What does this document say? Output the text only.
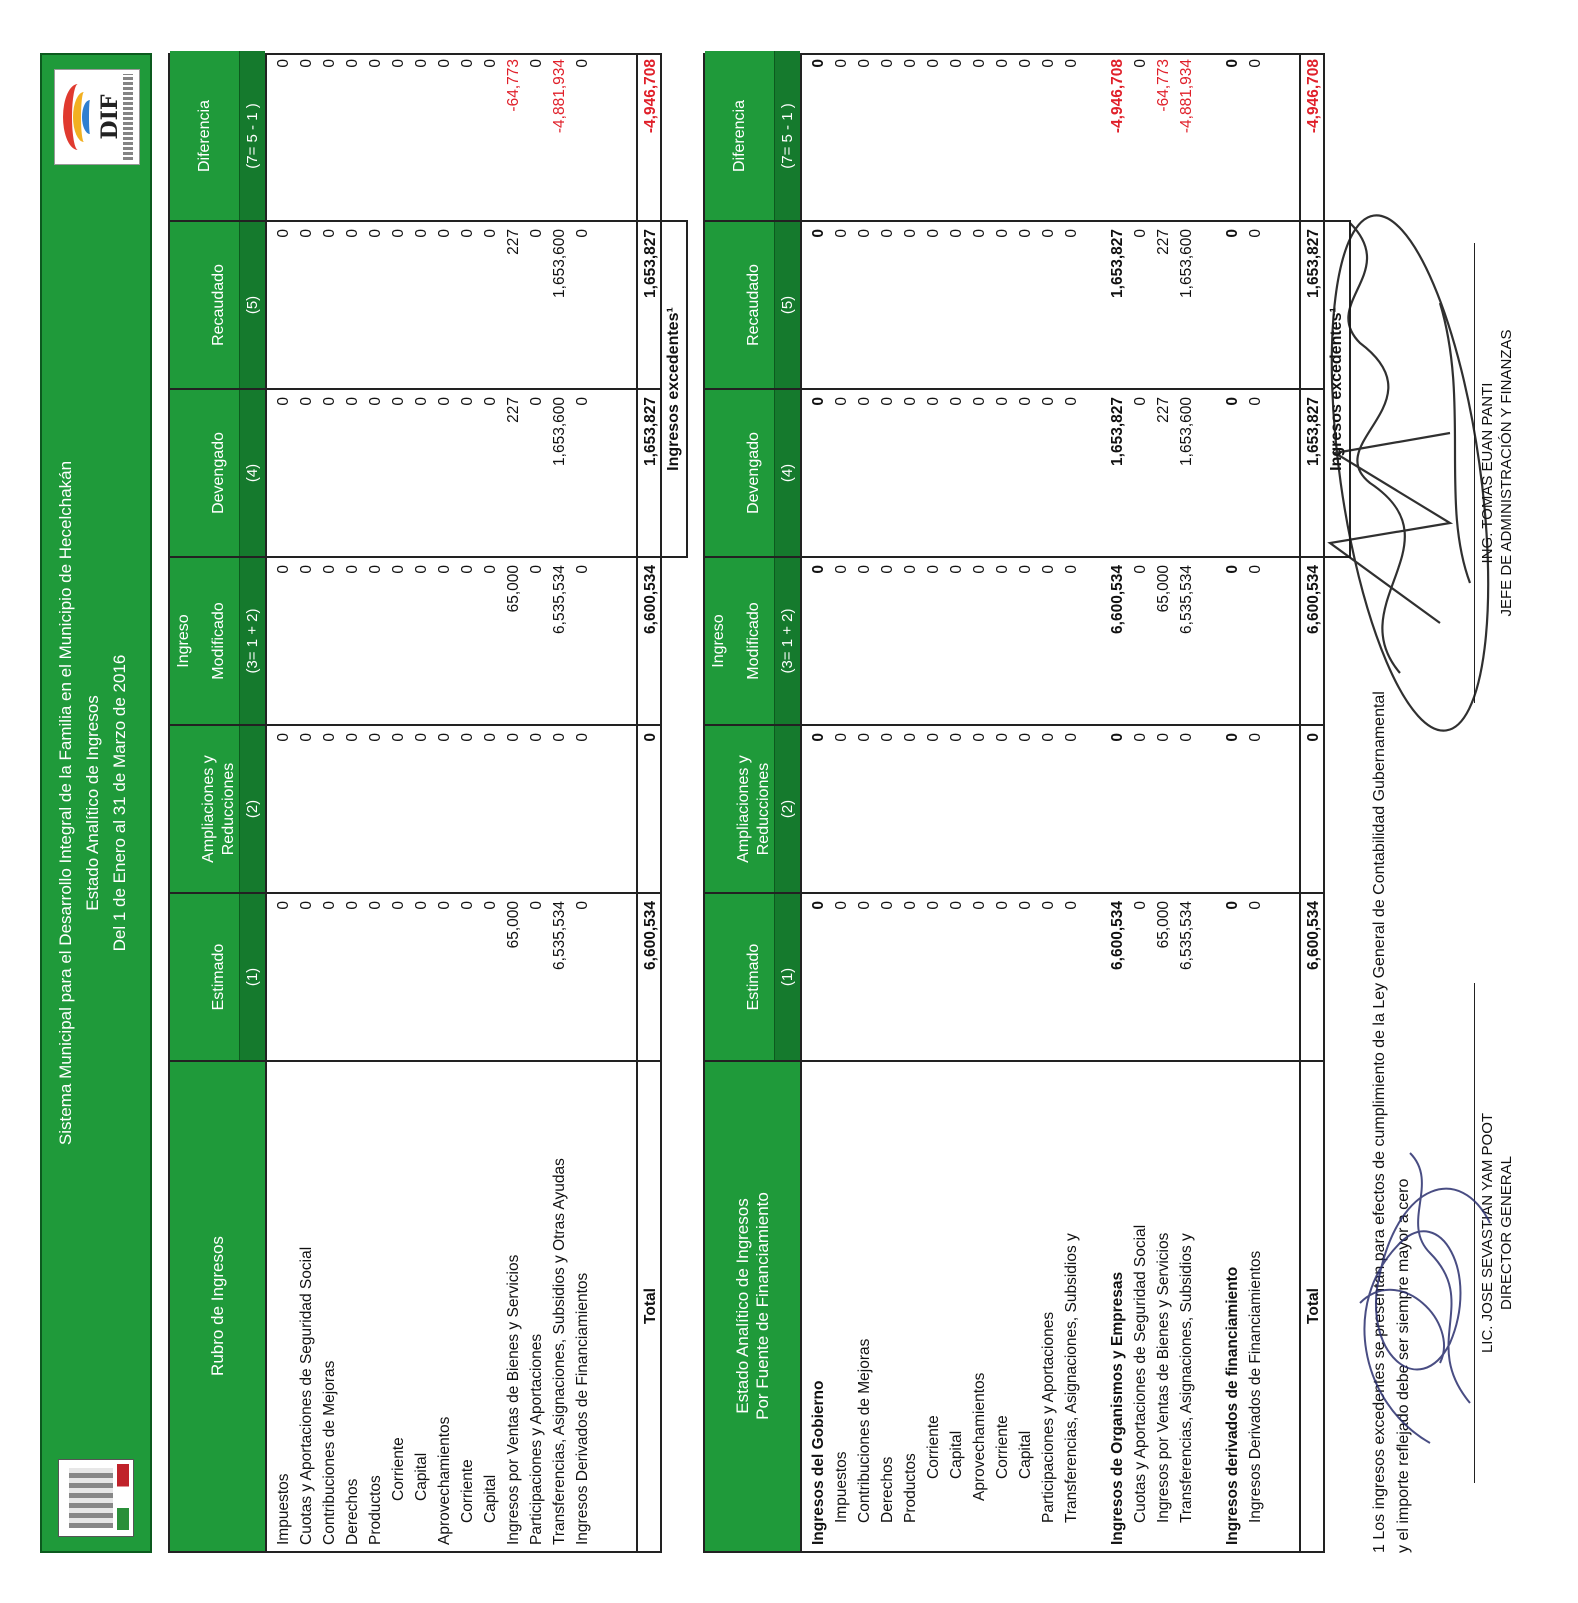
Sistema Municipal para el Desarrollo Integral de la Familia en el Municipio de Hecelchakán Estado Analítico de Ingresos Del 1 de Enero al 31 de Marzo de 2016
DIF
Rubro de Ingresos
Ingreso
Estimado (1)
Ampliaciones y Reducciones (2)
Modificado (3= 1 + 2)
Devengado (4)
Recaudado (5)
Diferencia (7= 5 - 1 )
Impuestos
0
0
0
0
0
0
Cuotas y Aportaciones de Seguridad Social
0
0
0
0
0
0
Contribuciones de Mejoras
0
0
0
0
0
0
Derechos
0
0
0
0
0
0
Productos
0
0
0
0
0
0
Corriente
0
0
0
0
0
0
Capital
0
0
0
0
0
0
Aprovechamientos
0
0
0
0
0
0
Corriente
0
0
0
0
0
0
Capital
0
0
0
0
0
0
Ingresos por Ventas de Bienes y Servicios
65,000
0
65,000
227
227
-64,773
Participaciones y Aportaciones
0
0
0
0
0
0
Transferencias, Asignaciones, Subsidios y Otras Ayudas
6,535,534
0
6,535,534
1,653,600
1,653,600
-4,881,934
Ingresos Derivados de Financiamientos
0
0
0
0
0
0
Total
6,600,534
0
6,600,534
1,653,827
1,653,827
-4,946,708
Ingresos excedentes¹
Estado Analítico de Ingresos Por Fuente de Financiamiento
Ingreso
Estimado (1)
Ampliaciones y Reducciones (2)
Modificado (3= 1 + 2)
Devengado (4)
Recaudado (5)
Diferencia (7= 5 - 1 )
Ingresos del Gobierno
0
0
0
0
0
0
Impuestos
0
0
0
0
0
0
Contribuciones de Mejoras
0
0
0
0
0
0
Derechos
0
0
0
0
0
0
Productos
0
0
0
0
0
0
Corriente
0
0
0
0
0
0
Capital
0
0
0
0
0
0
Aprovechamientos
0
0
0
0
0
0
Corriente
0
0
0
0
0
0
Capital
0
0
0
0
0
0
Participaciones y Aportaciones
0
0
0
0
0
0
Transferencias, Asignaciones, Subsidios y
0
0
0
0
0
0
Ingresos de Organismos y Empresas
6,600,534
0
6,600,534
1,653,827
1,653,827
-4,946,708
Cuotas y Aportaciones de Seguridad Social
0
0
0
0
0
0
Ingresos por Ventas de Bienes y Servicios
65,000
0
65,000
227
227
-64,773
Transferencias, Asignaciones, Subsidios y
6,535,534
0
6,535,534
1,653,600
1,653,600
-4,881,934
Ingresos derivados de financiamiento
0
0
0
0
0
0
Ingresos Derivados de Financiamientos
0
0
0
0
0
0
Total
6,600,534
0
6,600,534
1,653,827
1,653,827
-4,946,708
Ingresos excedentes¹
1 Los ingresos excedentes se presentan para efectos de cumplimiento de la Ley General de Contabilidad Gubernamental y el importe reflejado debe ser siempre mayor a cero	LIC. JOSE SEVASTIAN YAM POOT DIRECTOR GENERAL
ING. TOMAS EUAN PANTI JEFE DE ADMINISTRACIÓN Y FINANZAS
